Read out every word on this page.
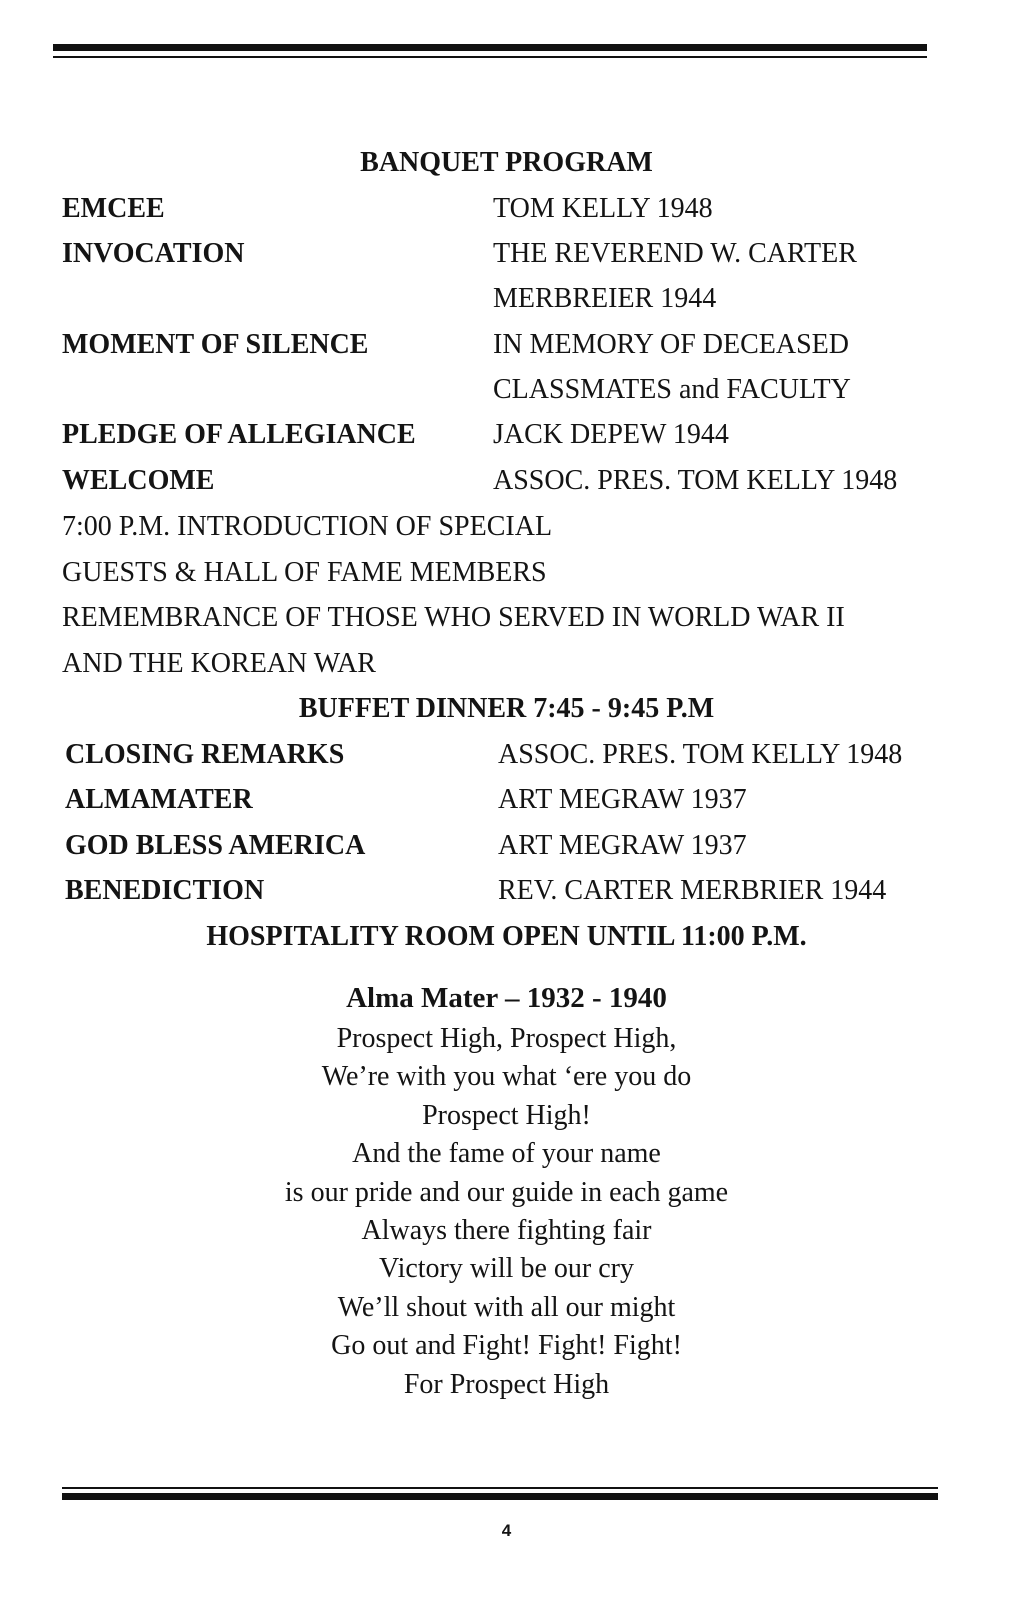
BANQUET PROGRAM
EMCEE	TOM KELLY 1948
INVOCATION	THE REVEREND W. CARTER
MERBREIER 1944
MOMENT OF SILENCE	IN MEMORY OF DECEASED
CLASSMATES and FACULTY
PLEDGE OF ALLEGIANCE	JACK DEPEW 1944
WELCOME	ASSOC. PRES. TOM KELLY 1948
7:00 P.M. INTRODUCTION OF SPECIAL
GUESTS & HALL OF FAME MEMBERS
REMEMBRANCE OF THOSE WHO SERVED IN WORLD WAR II
AND THE KOREAN WAR
BUFFET DINNER 7:45 - 9:45 P.M
CLOSING REMARKS	ASSOC. PRES. TOM KELLY 1948
ALMAMATER	ART MEGRAW 1937
GOD BLESS AMERICA	ART MEGRAW 1937
BENEDICTION	REV. CARTER MERBRIER 1944
HOSPITALITY ROOM OPEN UNTIL 11:00 P.M.
Alma Mater – 1932 - 1940
Prospect High, Prospect High,
We’re with you what ‘ere you do
Prospect High!
And the fame of your name
is our pride and our guide in each game
Always there fighting fair
Victory will be our cry
We’ll shout with all our might
Go out and Fight! Fight! Fight!
For Prospect High
4
